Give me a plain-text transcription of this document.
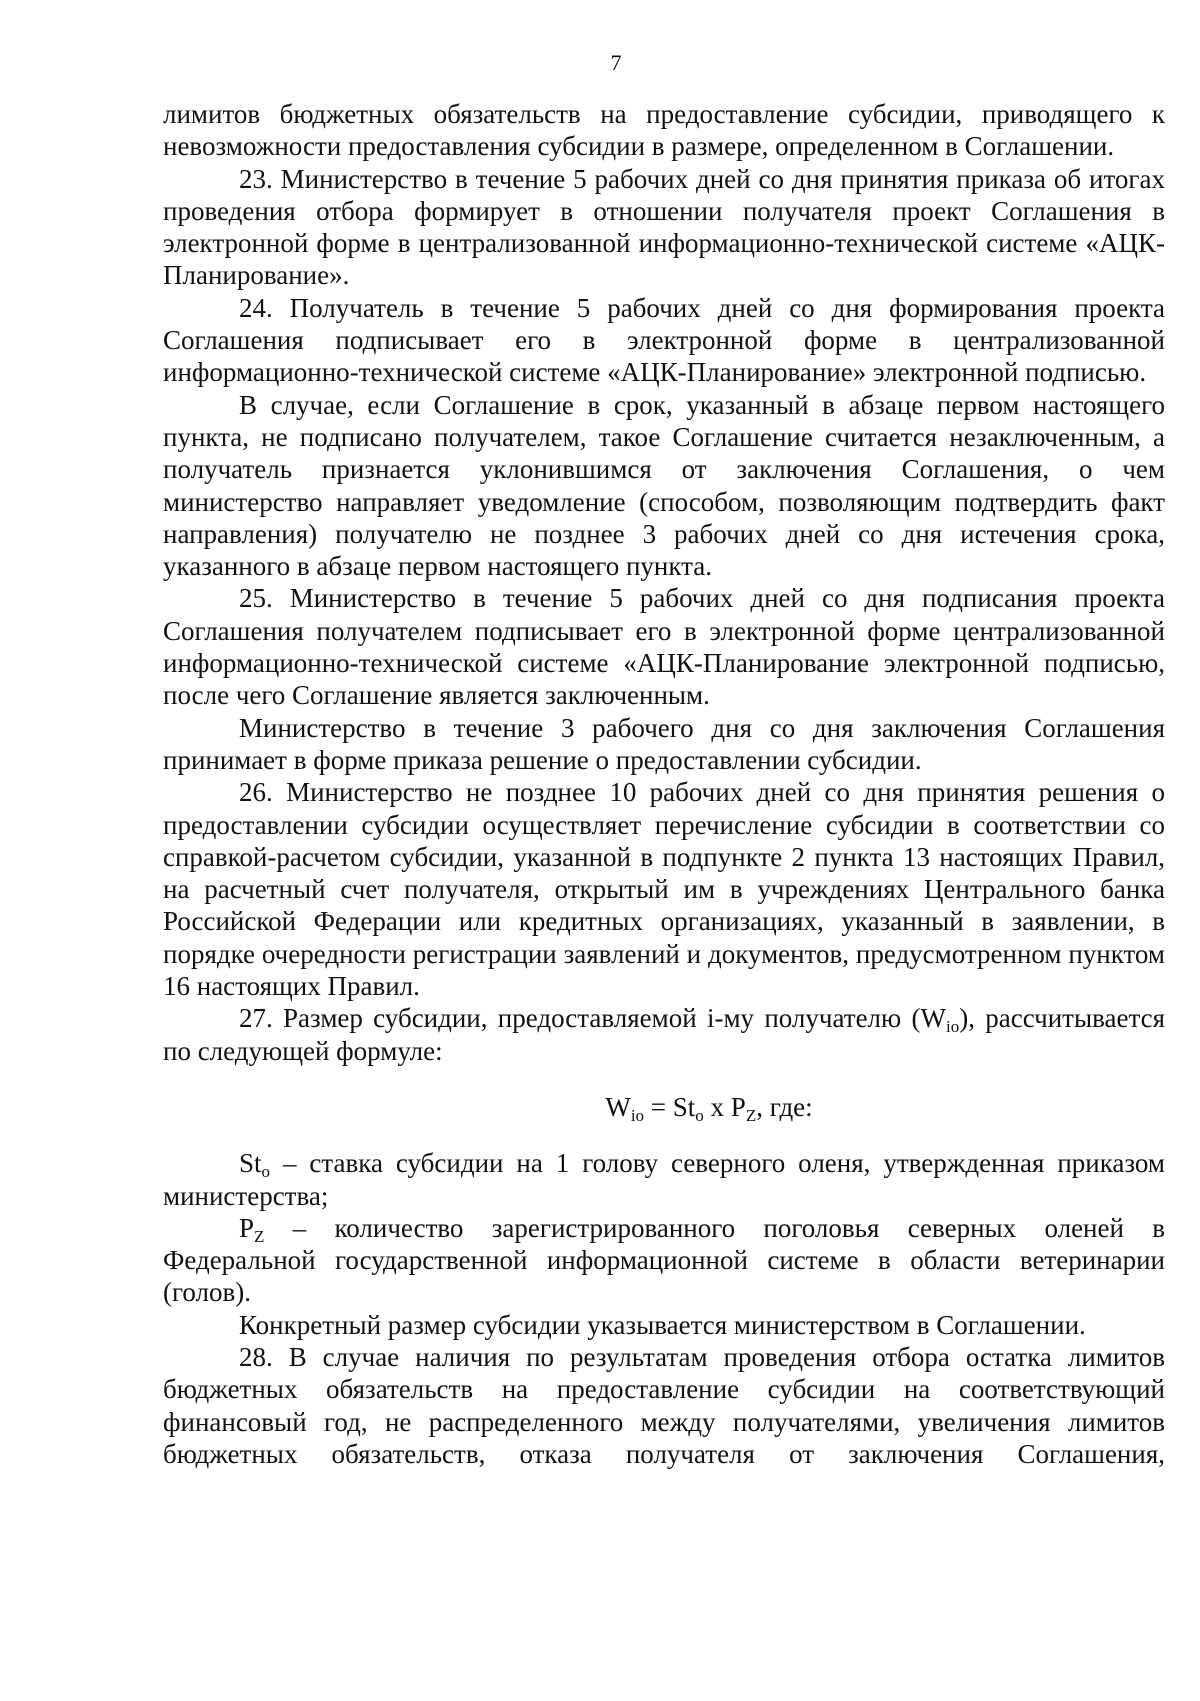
7

лимитов бюджетных обязательств на предоставление субсидии, приводящего к невозможности предоставления субсидии в размере, определенном в Соглашении.

23. Министерство в течение 5 рабочих дней со дня принятия приказа об итогах проведения отбора формирует в отношении получателя проект Соглашения в электронной форме в централизованной информационно-технической системе «АЦК-Планирование».

24. Получатель в течение 5 рабочих дней со дня формирования проекта Соглашения подписывает его в электронной форме в централизованной информационно-технической системе «АЦК-Планирование» электронной подписью.

В случае, если Соглашение в срок, указанный в абзаце первом настоящего пункта, не подписано получателем, такое Соглашение считается незаключенным, а получатель признается уклонившимся от заключения Соглашения, о чем министерство направляет уведомление (способом, позволяющим подтвердить факт направления) получателю не позднее 3 рабочих дней со дня истечения срока, указанного в абзаце первом настоящего пункта.

25. Министерство в течение 5 рабочих дней со дня подписания проекта Соглашения получателем подписывает его в электронной форме централизованной информационно-технической системе «АЦК-Планирование электронной подписью, после чего Соглашение является заключенным.

Министерство в течение 3 рабочего дня со дня заключения Соглашения принимает в форме приказа решение о предоставлении субсидии.

26. Министерство не позднее 10 рабочих дней со дня принятия решения о предоставлении субсидии осуществляет перечисление субсидии в соответствии со справкой-расчетом субсидии, указанной в подпункте 2 пункта 13 настоящих Правил, на расчетный счет получателя, открытый им в учреждениях Центрального банка Российской Федерации или кредитных организациях, указанный в заявлении, в порядке очередности регистрации заявлений и документов, предусмотренном пунктом 16 настоящих Правил.

27. Размер субсидии, предоставляемой i-му получателю $(W_{io})$, рассчитывается по следующей формуле:

$W_{io} = St_o$ x $P_Z$, где:

$St_o$ – ставка субсидии на 1 голову северного оленя, утвержденная приказом министерства;

$P_Z$ – количество зарегистрированного поголовья северных оленей в Федеральной государственной информационной системе в области ветеринарии (голов).

Конкретный размер субсидии указывается министерством в Соглашении.

28. В случае наличия по результатам проведения отбора остатка лимитов бюджетных обязательств на предоставление субсидии на соответствующий финансовый год, не распределенного между получателями, увеличения лимитов бюджетных обязательств, отказа получателя от заключения Соглашения,
